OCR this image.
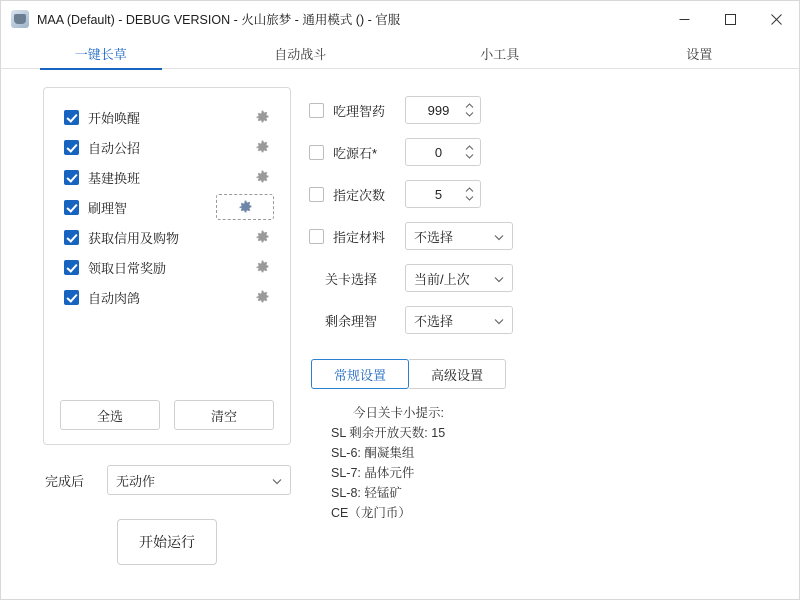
MAA (Default) - DEBUG VERSION - 火山旅梦 - 通用模式 () - 官服
一键长草	自动战斗	小工具	设置
开始唤醒
自动公招
基建换班
刷理智
获取信用及购物
领取日常奖励
自动肉鸽
全选	清空
完成后	无动作
开始运行
吃理智药	999
吃源石*	0
指定次数	5
指定材料 不选择
关卡选择	当前/上次
剩余理智	不选择
常规设置	高级设置
今日关卡小提示:
SL 剩余开放天数: 15
SL-6: 酮凝集组
SL-7: 晶体元件
SL-8: 轻锰矿
CE（龙门币）
